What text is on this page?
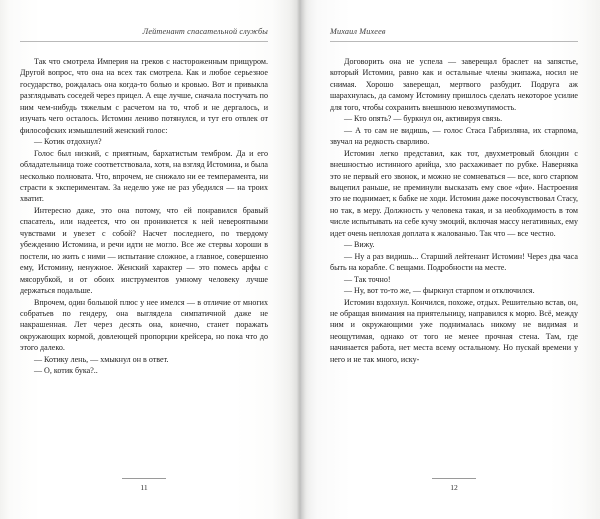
Лейтенант спасательной службы

Так что смотрела Империя на греков с настороженным прищуром. Другой вопрос, что она на всех так смотрела. Как и любое серьезное государство, рождалась она когда-то болью и кровью. Вот и привыкла разглядывать соседей через прицел. А еще лучше, сначала постучать по ним чем-нибудь тяжелым с расчетом на то, чтоб и не дергалось, и изучать чего осталось. Истомин лениво потянулся, и тут его отвлек от философских измышлений женский голос:

— Котик отдохнул?

Голос был низкий, с приятным, бархатистым тембром. Да и его обладательница тоже соответствовала, хотя, на взгляд Истомина, и была несколько полновата. Что, впрочем, не снижало ни ее темперамента, ни страсти к экспериментам. За неделю уже не раз убедился — на троих хватит.

Интересно даже, это она потому, что ей понравился бравый спасатель, или надеется, что он проникнется к ней невероятными чувствами и увезет с собой? Насчет последнего, по твердому убеждению Истомина, и речи идти не могло. Все же стервы хороши в постели, но жить с ними — испытание сложное, а главное, совершенно ему, Истомину, ненужное. Женский характер — это помесь арфы с мясорубкой, и от обоих инструментов умному человеку лучше держаться подальше.

Впрочем, один большой плюс у нее имелся — в отличие от многих собратьев по гендеру, она выглядела симпатичной даже не накрашенная. Лет через десять она, конечно, станет поражать окружающих кормой, довлеющей пропорции крейсера, но пока что до этого далеко.

— Котику лень, — хмыкнул он в ответ.

— О, котик бука?..

11
Михаил Михеев

Договорить она не успела — заверещал браслет на запястье, который Истомин, равно как и остальные члены экипажа, носил не снимая. Хорошо заверещал, мертвого разбудит. Подруга аж шарахнулась, да самому Истомину пришлось сделать некоторое усилие для того, чтобы сохранить внешнюю невозмутимость.

— Кто опять? — буркнул он, активируя связь.

— А то сам не видишь, — голос Стаса Габризляна, их старпома, звучал на редкость сварливо.

Истомин легко представил, как тот, двухметровый блондин с внешностью истинного арийца, зло расхаживает по рубке. Наверняка это не первый его звонок, и можно не сомневаться — все, кого старпом выцепил раньше, не преминули высказать ему свое «фи». Настроения это не поднимает, к бабке не ходи. Истомин даже посочувствовал Стасу, но так, в меру. Должность у человека такая, и за необходимость в том числе испытывать на себе кучу эмоций, включая массу негативных, ему идет очень неплохая доплата к жалованью. Так что — все честно.

— Вижу.

— Ну а раз видишь... Старший лейтенант Истомин! Через два часа быть на корабле. С вещами. Подробности на месте.

— Так точно!

— Ну, вот то-то же, — фыркнул старпом и отключился.

Истомин вздохнул. Кончился, похоже, отдых. Решительно встав, он, не обращая внимания на приятельницу, направился к морю. Всё, между ним и окружающими уже поднималась никому не видимая и неощутимая, однако от того не менее прочная стена. Там, где начинается работа, нет места всему остальному. Но пускай времени у него и не так много, иску-

12
